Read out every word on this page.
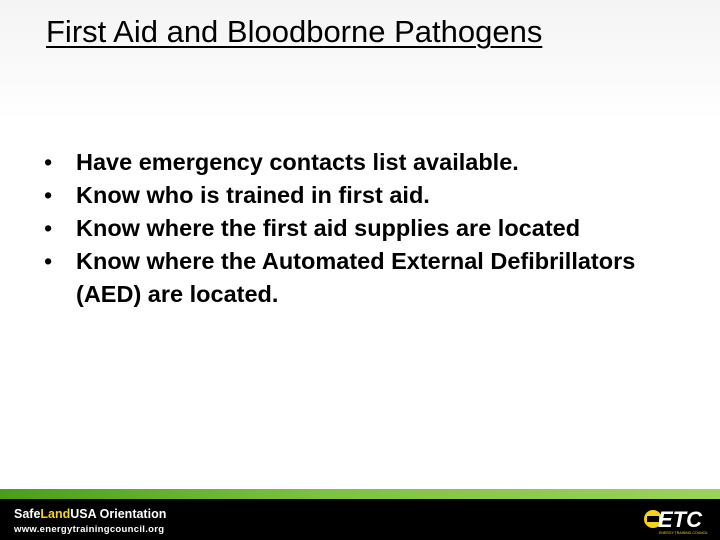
First Aid and Bloodborne Pathogens
• Have emergency contacts list available.
• Know who is trained in first aid.
• Know where the first aid supplies are located
• Know where the Automated External Defibrillators (AED) are located.
SafeLandUSA Orientation
www.energytrainingcouncil.org	ETC
ENERGY TRAINING COUNCIL
